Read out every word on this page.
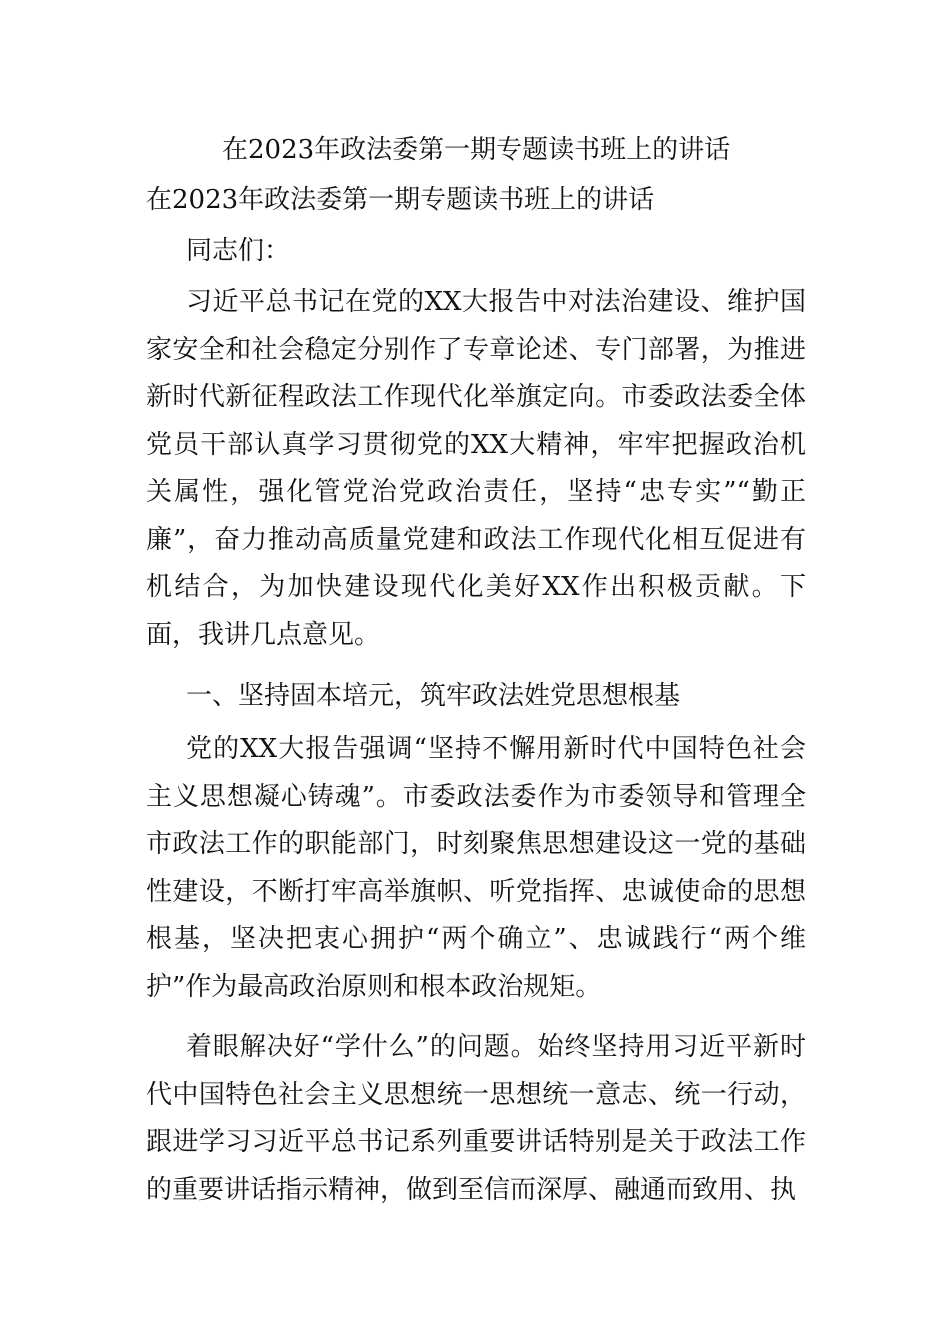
在2023年政法委第一期专题读书班上的讲话
在2023年政法委第一期专题读书班上的讲话
同志们：

习近平总书记在党的XX大报告中对法治建设、维护国家安全和社会稳定分别作了专章论述、专门部署，为推进新时代新征程政法工作现代化举旗定向。市委政法委全体党员干部认真学习贯彻党的XX大精神，牢牢把握政治机关属性，强化管党治党政治责任，坚持“忠专实”“勤正廉”，奋力推动高质量党建和政法工作现代化相互促进有机结合，为加快建设现代化美好XX作出积极贡献。下面，我讲几点意见。

一、坚持固本培元，筑牢政法姓党思想根基

党的XX大报告强调“坚持不懈用新时代中国特色社会主义思想凝心铸魂”。市委政法委作为市委领导和管理全市政法工作的职能部门，时刻聚焦思想建设这一党的基础性建设，不断打牢高举旗帜、听党指挥、忠诚使命的思想根基，坚决把衷心拥护“两个确立”、忠诚践行“两个维护”作为最高政治原则和根本政治规矩。

着眼解决好“学什么”的问题。始终坚持用习近平新时代中国特色社会主义思想统一思想统一意志、统一行动，跟进学习习近平总书记系列重要讲话特别是关于政法工作的重要讲话指示精神，做到至信而深厚、融通而致用、执
